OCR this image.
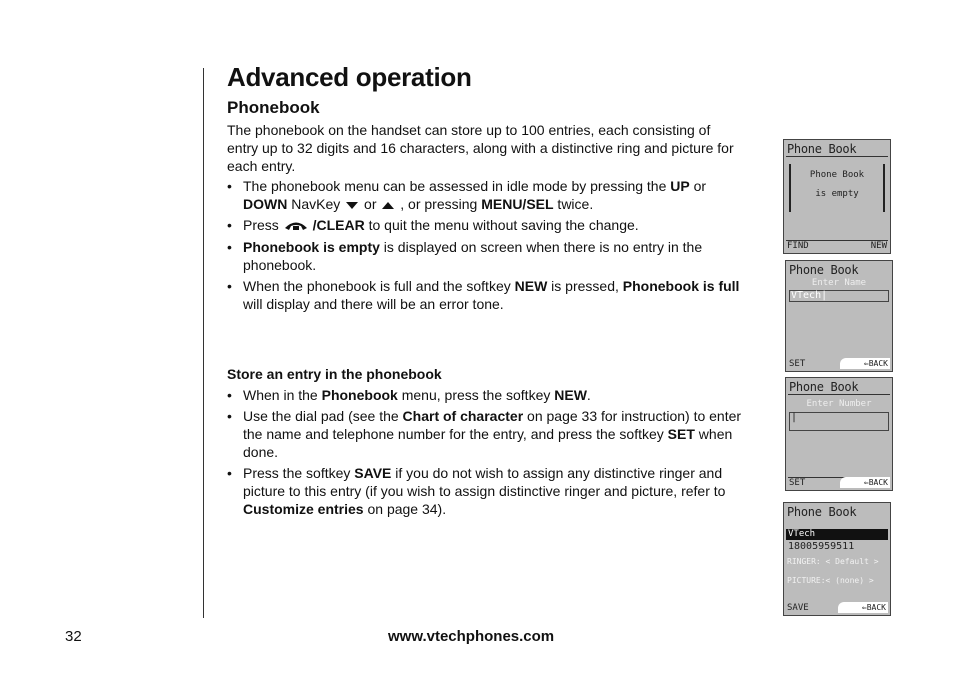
Advanced operation
Phonebook
The phonebook on the handset can store up to 100 entries, each consisting of entry up to 32 digits and 16 characters, along with a distinctive ring and picture for each entry.
• The phonebook menu can be assessed in idle mode by pressing the UP or DOWN NavKey  or  , or pressing MENU/SEL twice.
• Press  /CLEAR to quit the menu without saving the change.
• Phonebook is empty is displayed on screen when there is no entry in the phonebook.
• When the phonebook is full and the softkey NEW is pressed, Phonebook is full will display and there will be an error tone.
Store an entry in the phonebook
• When in the Phonebook menu, press the softkey NEW.
• Use the dial pad (see the Chart of character on page 33 for instruction) to enter the name and telephone number for the entry, and press the softkey SET when done.
• Press the softkey SAVE if you do not wish to assign any distinctive ringer and picture to this entry (if you wish to assign distinctive ringer and picture, refer to Customize entries on page 34).
Phone Book
Phone Book
is empty
FIND	NEW
Phone Book
Enter Name
VTech|
SET	⇐BACK
Phone Book
Enter Number
|
SET	⇐BACK
Phone Book
VTech
18005959511
RINGER: < Default >
PICTURE:< (none) >
SAVE	⇐BACK
32	www.vtechphones.com
